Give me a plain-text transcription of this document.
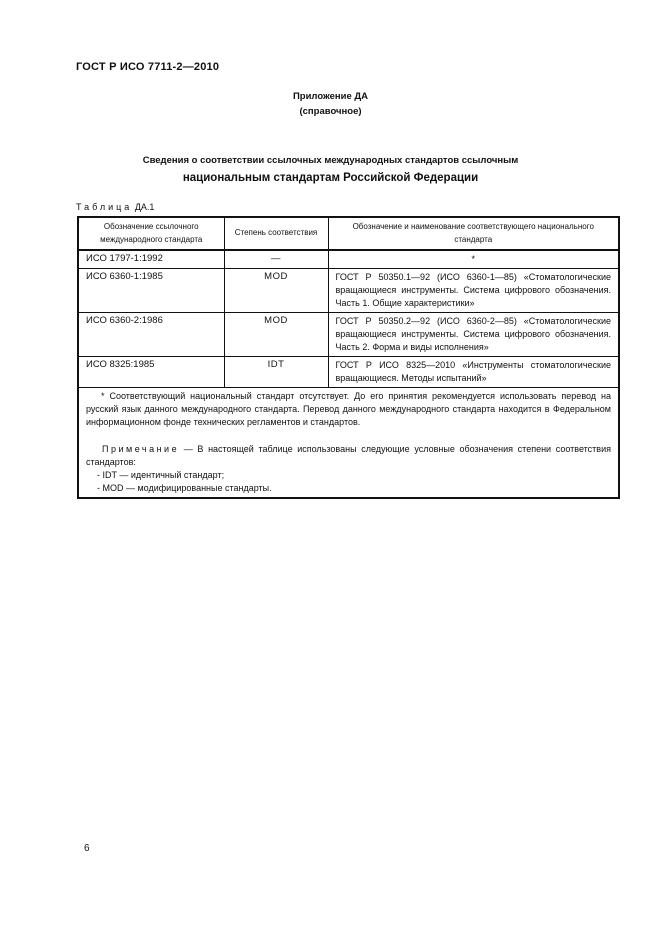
ГОСТ Р ИСО 7711-2—2010
Приложение ДА
(справочное)
Сведения о соответствии ссылочных международных стандартов ссылочным
национальным стандартам Российской Федерации
Таблица ДА.1
Обозначение ссылочного международного стандарта	Степень соответствия	Обозначение и наименование соответствующего национального стандарта
ИСО 1797-1:1992	—	*
ИСО 6360-1:1985	MOD	ГОСТ Р 50350.1—92 (ИСО 6360-1—85) «Стоматологические вращающиеся инструменты. Система цифрового обозначения. Часть 1. Общие характеристики»
ИСО 6360-2:1986	MOD	ГОСТ Р 50350.2—92 (ИСО 6360-2—85) «Стоматологические вращающиеся инструменты. Система цифрового обозначения. Часть 2. Форма и виды исполнения»
ИСО 8325:1985	IDT	ГОСТ Р ИСО 8325—2010 «Инструменты стоматологические вращающиеся. Методы испытаний»

* Соответствующий национальный стандарт отсутствует. До его принятия рекомендуется использовать перевод на русский язык данного международного стандарта. Перевод данного международного стандарта находится в Федеральном информационном фонде технических регламентов и стандартов.
Примечание — В настоящей таблице использованы следующие условные обозначения степени соответствия стандартов:
- IDT — идентичный стандарт;
- MOD — модифицированные стандарты.		
6
